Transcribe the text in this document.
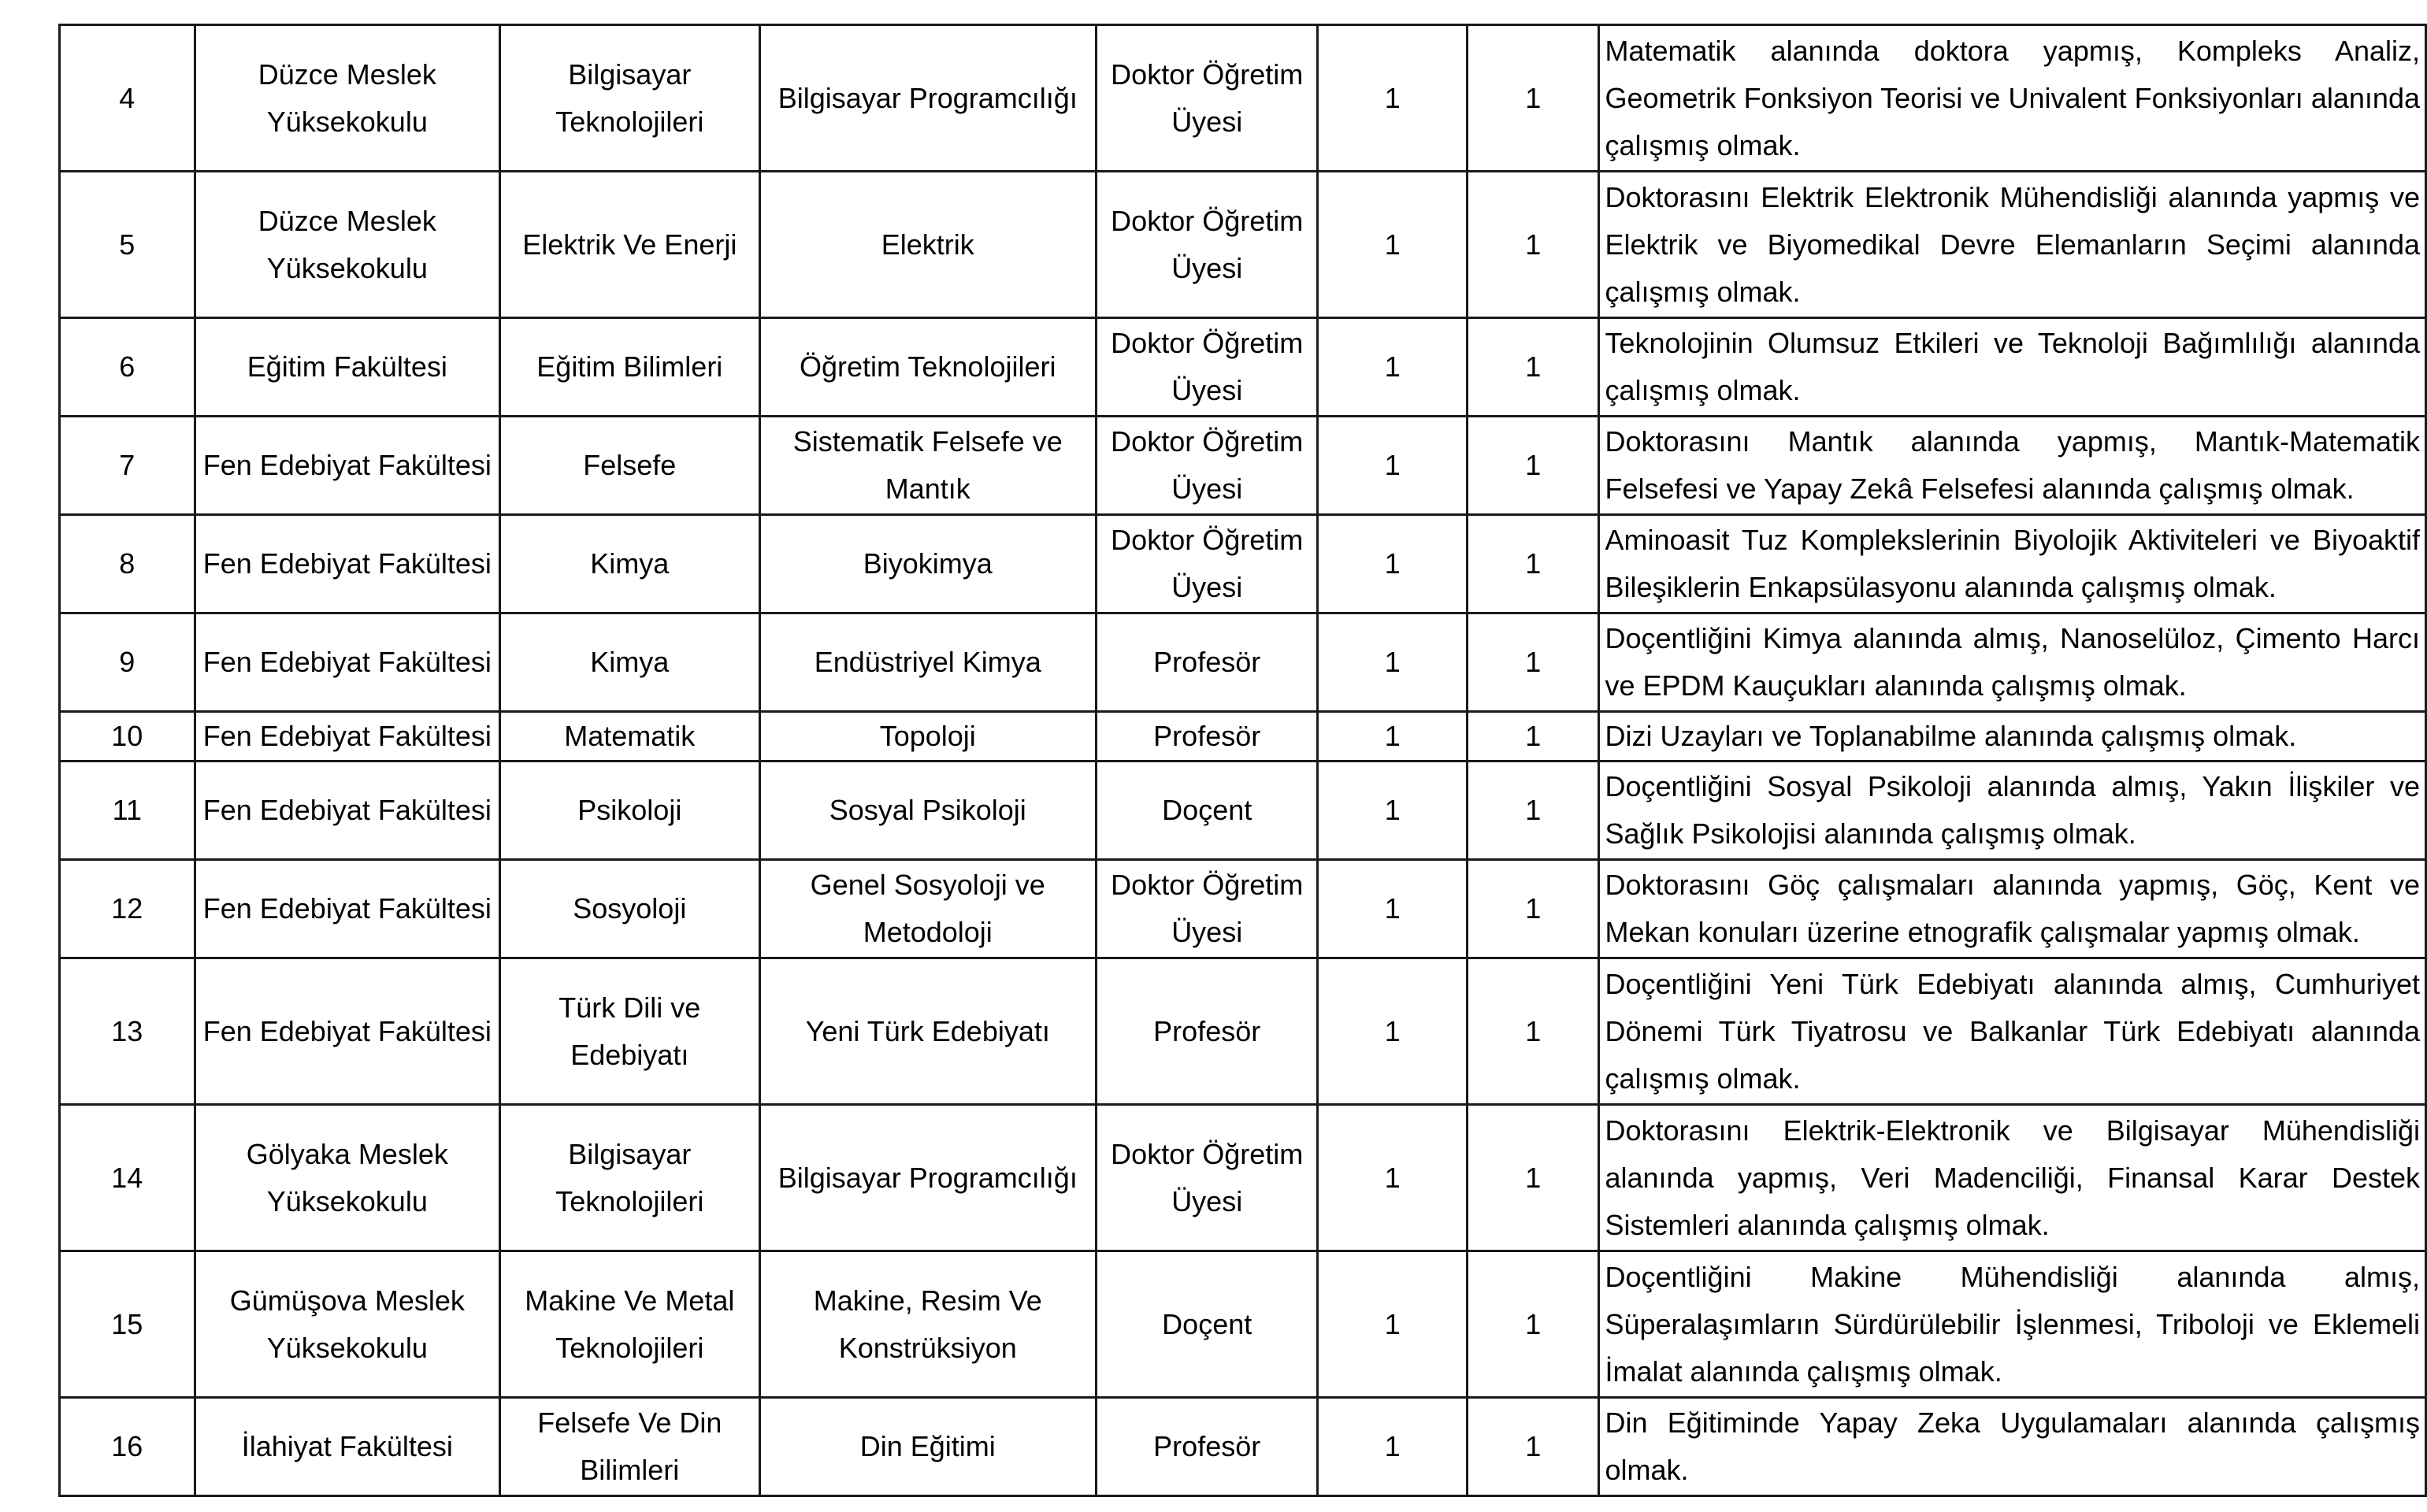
4	Düzce Meslek Yüksekokulu	Bilgisayar Teknolojileri	Bilgisayar Programcılığı	Doktor Öğretim Üyesi	1	1	Matematik alanında doktora yapmış, Kompleks Analiz, Geometrik Fonksiyon Teorisi ve Univalent Fonksiyonları alanında çalışmış olmak.
5	Düzce Meslek Yüksekokulu	Elektrik Ve Enerji	Elektrik	Doktor Öğretim Üyesi	1	1	Doktorasını Elektrik Elektronik Mühendisliği alanında yapmış ve Elektrik ve Biyomedikal Devre Elemanların Seçimi alanında çalışmış olmak.
6	Eğitim Fakültesi	Eğitim Bilimleri	Öğretim Teknolojileri	Doktor Öğretim Üyesi	1	1	Teknolojinin Olumsuz Etkileri ve Teknoloji Bağımlılığı alanında çalışmış olmak.
7	Fen Edebiyat Fakültesi	Felsefe	Sistematik Felsefe ve Mantık	Doktor Öğretim Üyesi	1	1	Doktorasını Mantık alanında yapmış, Mantık-Matematik Felsefesi ve Yapay Zekâ Felsefesi alanında çalışmış olmak.
8	Fen Edebiyat Fakültesi	Kimya	Biyokimya	Doktor Öğretim Üyesi	1	1	Aminoasit Tuz Komplekslerinin Biyolojik Aktiviteleri ve Biyoaktif Bileşiklerin Enkapsülasyonu alanında çalışmış olmak.
9	Fen Edebiyat Fakültesi	Kimya	Endüstriyel Kimya	Profesör	1	1	Doçentliğini Kimya alanında almış, Nanoselüloz, Çimento Harcı ve EPDM Kauçukları alanında çalışmış olmak.
10	Fen Edebiyat Fakültesi	Matematik	Topoloji	Profesör	1	1	Dizi Uzayları ve Toplanabilme alanında çalışmış olmak.
11	Fen Edebiyat Fakültesi	Psikoloji	Sosyal Psikoloji	Doçent	1	1	Doçentliğini Sosyal Psikoloji alanında almış, Yakın İlişkiler ve Sağlık Psikolojisi alanında çalışmış olmak.
12	Fen Edebiyat Fakültesi	Sosyoloji	Genel Sosyoloji ve Metodoloji	Doktor Öğretim Üyesi	1	1	Doktorasını Göç çalışmaları alanında yapmış, Göç, Kent ve Mekan konuları üzerine etnografik çalışmalar yapmış olmak.
13	Fen Edebiyat Fakültesi	Türk Dili ve Edebiyatı	Yeni Türk Edebiyatı	Profesör	1	1	Doçentliğini Yeni Türk Edebiyatı alanında almış, Cumhuriyet Dönemi Türk Tiyatrosu ve Balkanlar Türk Edebiyatı alanında çalışmış olmak.
14	Gölyaka Meslek Yüksekokulu	Bilgisayar Teknolojileri	Bilgisayar Programcılığı	Doktor Öğretim Üyesi	1	1	Doktorasını Elektrik-Elektronik ve Bilgisayar Mühendisliği alanında yapmış, Veri Madenciliği, Finansal Karar Destek Sistemleri alanında çalışmış olmak.
15	Gümüşova Meslek Yüksekokulu	Makine Ve Metal Teknolojileri	Makine, Resim Ve Konstrüksiyon	Doçent	1	1	Doçentliğini Makine Mühendisliği alanında almış, Süperalaşımların Sürdürülebilir İşlenmesi, Triboloji ve Eklemeli İmalat alanında çalışmış olmak.
16	İlahiyat Fakültesi	Felsefe Ve Din Bilimleri	Din Eğitimi	Profesör	1	1	Din Eğitiminde Yapay Zeka Uygulamaları alanında çalışmış olmak.
